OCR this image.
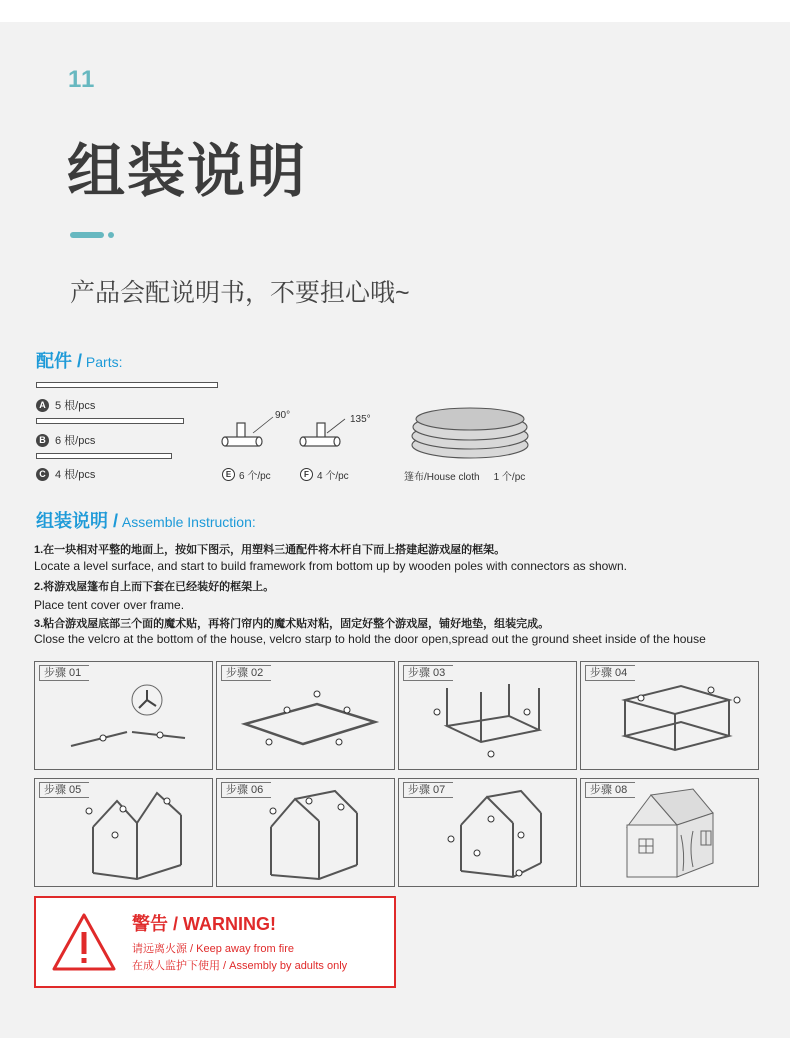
11
组装说明
产品会配说明书，不要担心哦~
配件 / Parts:
A 5 根/pcs
B 6 根/pcs
C 4 根/pcs
90°	135°
E 6 个/pc	F 4 个/pc	篷布/House cloth 1 个/pc
组装说明 / Assemble Instruction:
1.在一块相对平整的地面上，按如下图示，用塑料三通配件将木杆自下而上搭建起游戏屋的框架。
Locate a level surface, and start to build framework from bottom up by wooden poles with connectors as shown.
2.将游戏屋篷布自上而下套在已经装好的框架上。
Place tent cover over frame.
3.粘合游戏屋底部三个面的魔术贴，再将门帘内的魔术贴对粘，固定好整个游戏屋，铺好地垫，组装完成。
Close the velcro at the bottom of the house, velcro starp to hold the door open,spread out the ground sheet inside of the house
步骤 01	步骤 02	步骤 03	步骤 04
步骤 05	步骤 06	步骤 07	步骤 08
警告 / WARNING!
请远离火源 / Keep away from fire
在成人监护下使用 / Assembly by adults only
